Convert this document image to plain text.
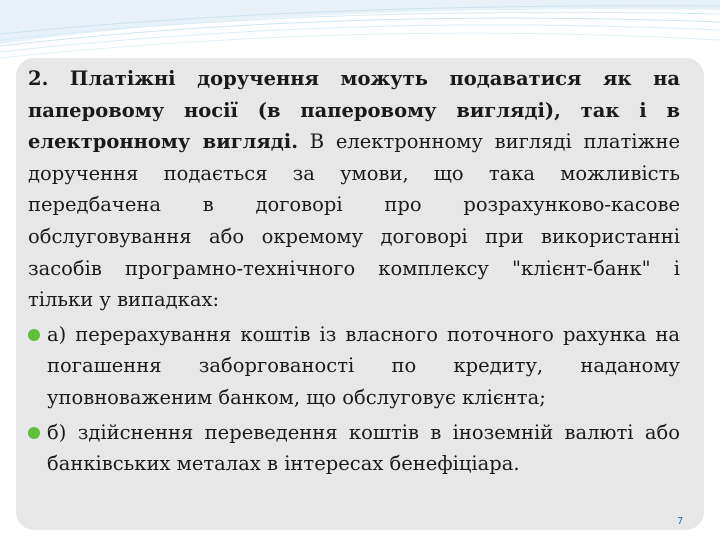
2. Платіжні доручення можуть подаватися як на паперовому носії (в паперовому вигляді), так і в електронному вигляді. В електронному вигляді платіжне доручення подається за умови, що така можливість передбачена в договорі про розрахунково-касове обслуговування або окремому договорі при використанні засобів програмно-технічного комплексу "клієнт-банк" і тільки у випадках:

а) перерахування коштів із власного поточного рахунка на погашення заборгованості по кредиту, наданому уповноваженим банком, що обслуговує клієнта;
б) здійснення переведення коштів в іноземній валюті або банківських металах в інтересах бенефіціара.
7
